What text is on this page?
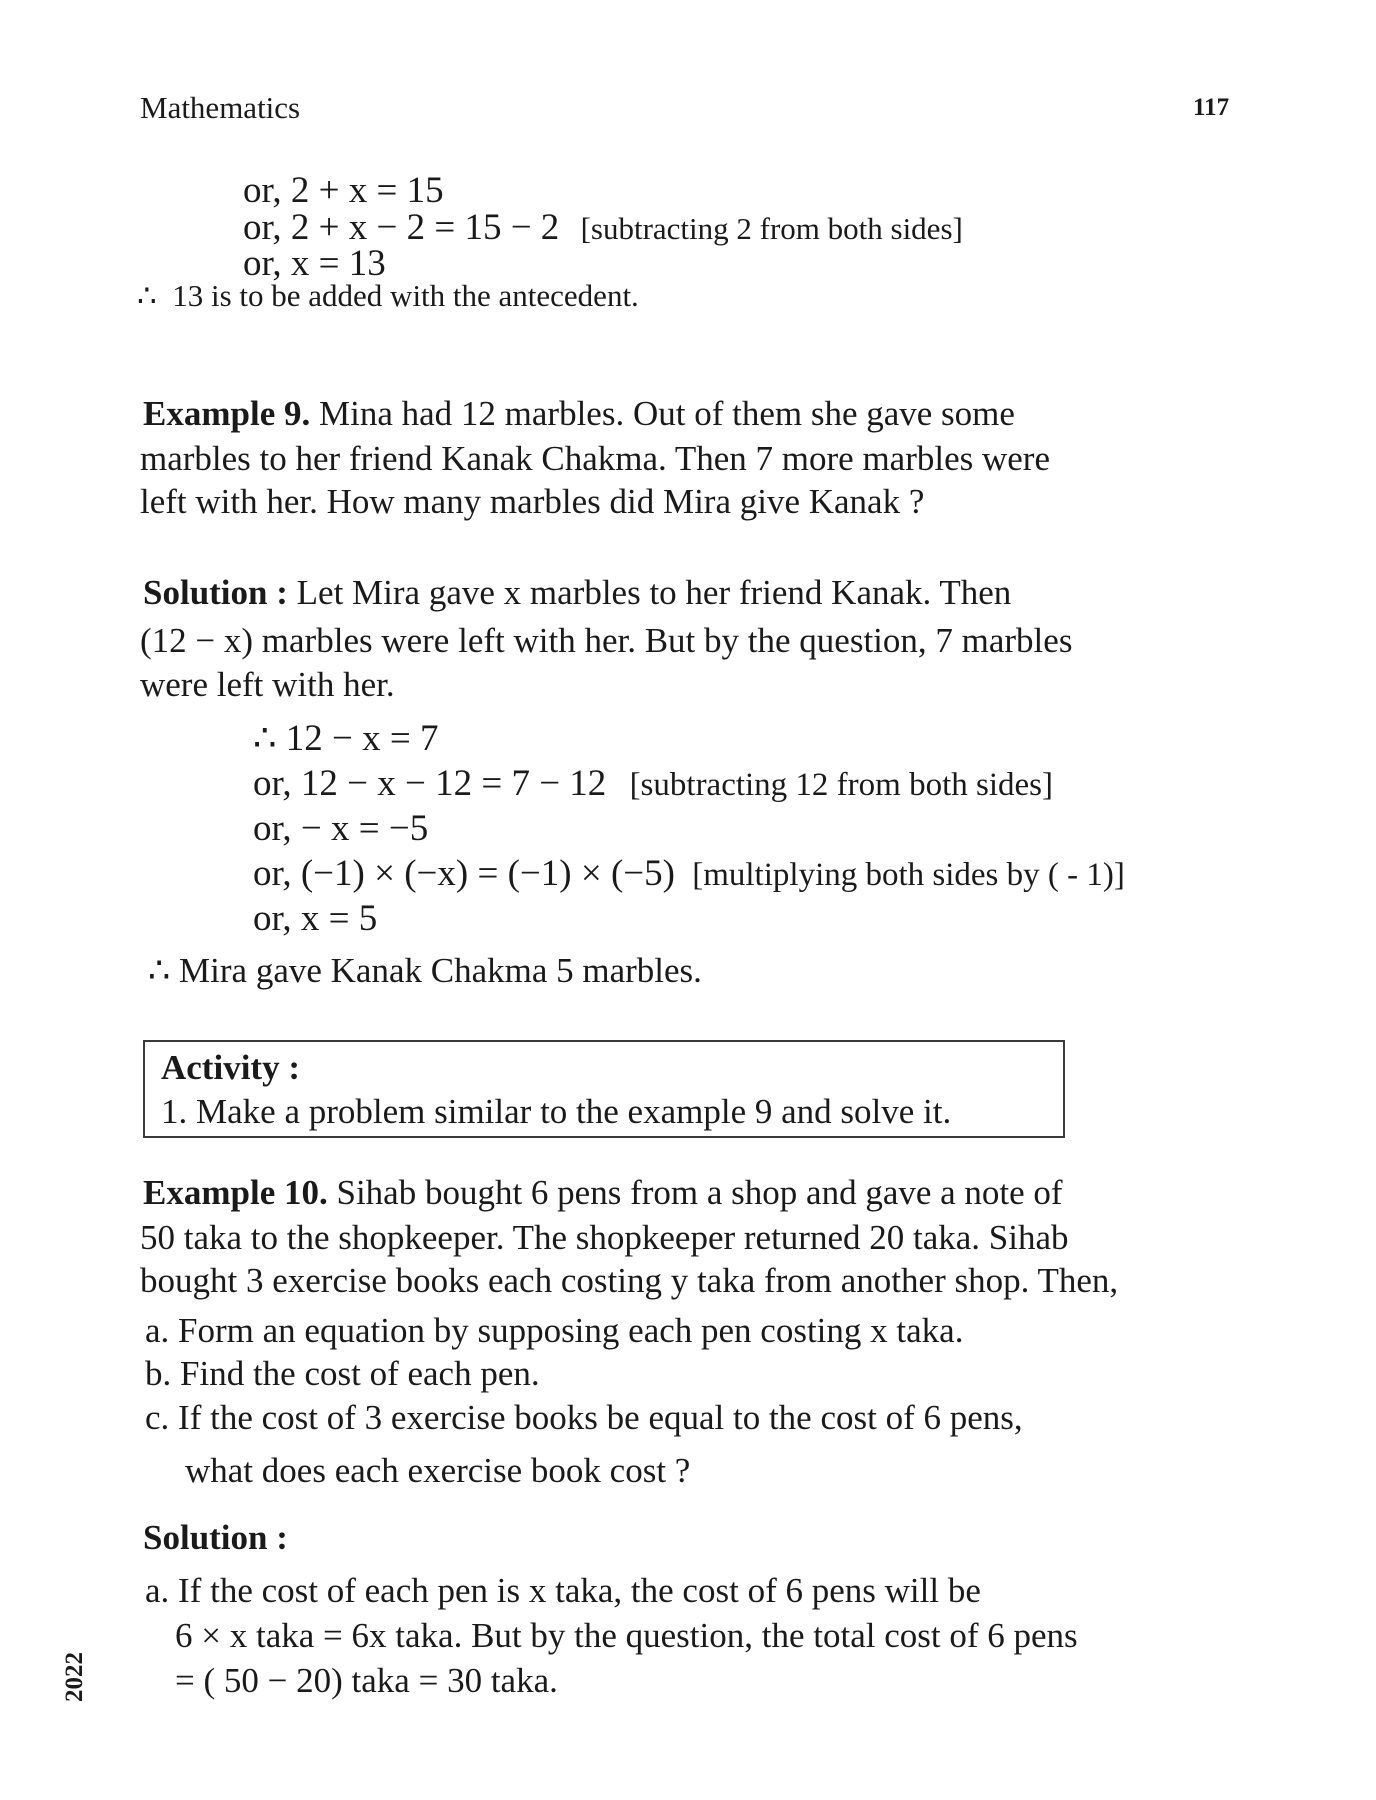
Mathematics	117
or, 2 + x = 15
or, 2 + x − 2 = 15 − 2 [subtracting 2 from both sides]
or, x = 13
∴ 13 is to be added with the antecedent.
Example 9. Mina had 12 marbles. Out of them she gave some
marbles to her friend Kanak Chakma. Then 7 more marbles were
left with her. How many marbles did Mira give Kanak ?
Solution : Let Mira gave x marbles to her friend Kanak. Then
(12 − x) marbles were left with her. But by the question, 7 marbles
were left with her.
∴ 12 − x = 7
or, 12 − x − 12 = 7 − 12 [subtracting 12 from both sides]
or, − x = −5
or, (−1) × (−x) = (−1) × (−5) [multiplying both sides by ( - 1)]
or, x = 5
∴ Mira gave Kanak Chakma 5 marbles.
Activity :
1. Make a problem similar to the example 9 and solve it.
Example 10. Sihab bought 6 pens from a shop and gave a note of
50 taka to the shopkeeper. The shopkeeper returned 20 taka. Sihab
bought 3 exercise books each costing y taka from another shop. Then,
a. Form an equation by supposing each pen costing x taka.
b. Find the cost of each pen.
c. If the cost of 3 exercise books be equal to the cost of 6 pens,
what does each exercise book cost ?
Solution :
a. If the cost of each pen is x taka, the cost of 6 pens will be
6 × x taka = 6x taka. But by the question, the total cost of 6 pens
= ( 50 − 20) taka = 30 taka.
2022
